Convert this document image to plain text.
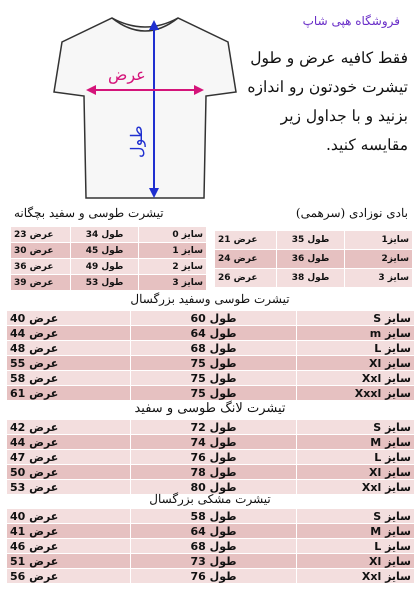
عرض
طول
فروشگاه هپی شاپ

فقط کافیه عرض و طول
تیشرت خودتون رو اندازه
بزنید و با جداول زیر
مقایسه کنید.

تیشرت طوسی و سفید بچگانه
عرض 23	طول 34	سایز 0
عرض 30	طول 45	سایز 1
عرض 36	طول 49	سایز 2
عرض 39	طول 53	سایز 3
بادی نوزادی (سرهمی)
عرض 21	طول 35	سایز1
عرض 24	طول 36	سایز2
عرض 26	طول 38	سایز 3
تیشرت طوسی وسفید بزرگسال
عرض 40	طول 60	سایز S
عرض 44	طول 64	سایز m
عرض 48	طول 68	سایز L
عرض 55	طول 75	سایز Xl
عرض 58	طول 75	سایز Xxl
عرض 61	طول 75	سایز Xxxl
تیشرت لانگ طوسی و سفید
عرض 42	طول 72	سایز S
عرض 44	طول 74	سایز M
عرض 47	طول 76	سایز L
عرض 50	طول 78	سایز Xl
عرض 53	طول 80	سایز Xxl
تیشرت مشکی بزرگسال
عرض 40	طول 58	سایز S
عرض 41	طول 64	سایز M
عرض 46	طول 68	سایز L
عرض 51	طول 73	سایز Xl
عرض 56	طول 76	سایز Xxl
